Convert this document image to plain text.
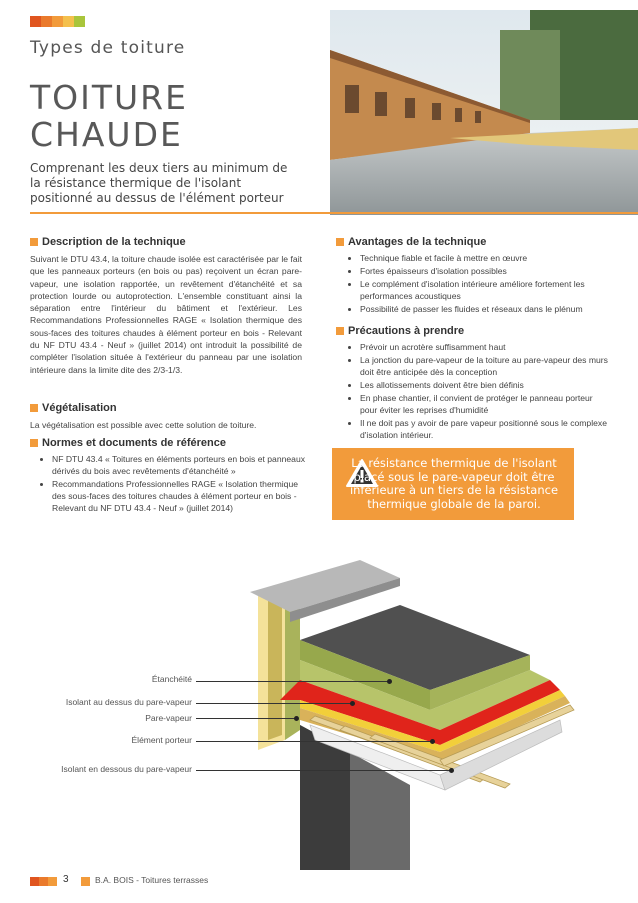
Types de toiture
TOITURE
CHAUDE
Comprenant les deux tiers au minimum de la résistance thermique de l'isolant positionné au dessus de l'élément porteur
Description de la technique
Suivant le DTU 43.4, la toiture chaude isolée est caractérisée par le fait que les panneaux porteurs (en bois ou pas) reçoivent un écran pare-vapeur, une isolation rapportée, un revêtement d'étanchéité et sa protection lourde ou autoprotection. L'ensemble constituant ainsi la séparation entre l'intérieur du bâtiment et l'extérieur. Les Recommandations Professionnelles RAGE « Isolation thermique des sous-faces des toitures chaudes à élément porteur en bois - Relevant du NF DTU 43.4 - Neuf » (juillet 2014) ont introduit la possibilité de compléter l'isolation située à l'extérieur du panneau par une isolation intérieure dans la limite dite des 2/3-1/3.
Végétalisation
La végétalisation est possible avec cette solution de toiture.
Normes et documents de référence
• NF DTU 43.4 « Toitures en éléments porteurs en bois et panneaux dérivés du bois avec revêtements d'étanchéité »
• Recommandations Professionnelles RAGE « Isolation thermique des sous-faces des toitures chaudes à élément porteur en bois - Relevant du NF DTU 43.4 - Neuf » (juillet 2014)
Avantages de la technique
• Technique fiable et facile à mettre en œuvre
• Fortes épaisseurs d'isolation possibles
• Le complément d'isolation intérieure améliore fortement les performances acoustiques
• Possibilité de passer les fluides et réseaux dans le plénum
Précautions à prendre
• Prévoir un acrotère suffisamment haut
• La jonction du pare-vapeur de la toiture au pare-vapeur des murs doit être anticipée dès la conception
• Les allotissements doivent être bien définis
• En phase chantier, il convient de protéger le panneau porteur pour éviter les reprises d'humidité
• Il ne doit pas y avoir de pare vapeur positionné sous le complexe d'isolation intérieur.
La résistance thermique de l'isolant placé sous le pare-vapeur doit être inférieure à un tiers de la résistance thermique globale de la paroi.
Étanchéité
Isolant au dessus du pare-vapeur
Pare-vapeur
Élément porteur
Isolant en dessous du pare-vapeur
3	B.A. BOIS - Toitures terrasses
